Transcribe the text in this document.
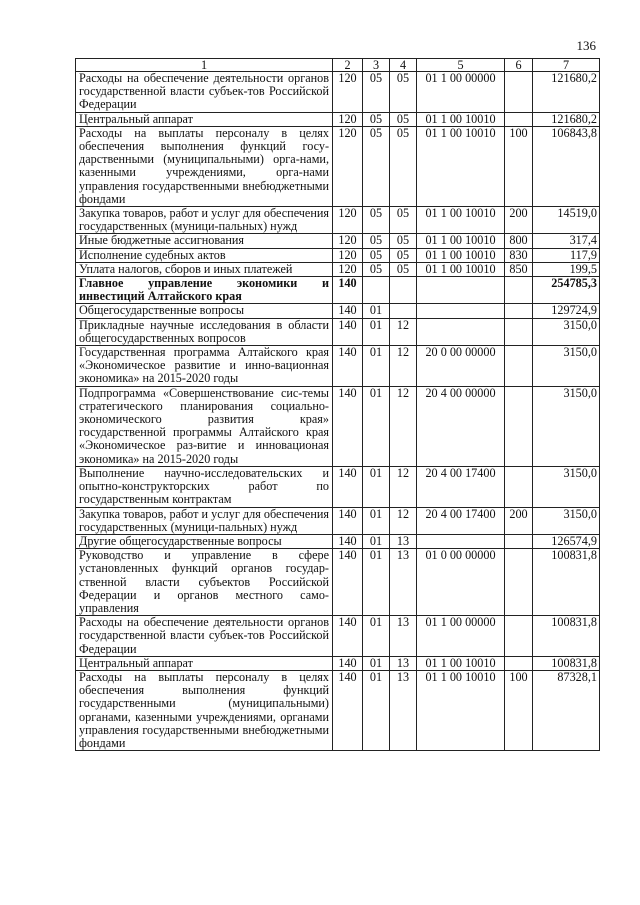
136
1	2	3	4	5	6	7
Расходы на обеспечение деятельности органов государственной власти субъек-тов Российской Федерации	120	05	05	01 1 00 00000		121680,2
Центральный аппарат	120	05	05	01 1 00 10010		121680,2
Расходы на выплаты персоналу в целях обеспечения выполнения функций госу-дарственными (муниципальными) орга-нами, казенными учреждениями, орга-нами управления государственными внебюджетными фондами	120	05	05	01 1 00 10010	100	106843,8
Закупка товаров, работ и услуг для обеспечения государственных (муници-пальных) нужд	120	05	05	01 1 00 10010	200	14519,0
Иные бюджетные ассигнования	120	05	05	01 1 00 10010	800	317,4
Исполнение судебных актов	120	05	05	01 1 00 10010	830	117,9
Уплата налогов, сборов и иных платежей	120	05	05	01 1 00 10010	850	199,5
Главное управление экономики и инвестиций Алтайского края	140					254785,3
Общегосударственные вопросы	140	01				129724,9
Прикладные научные исследования в области общегосударственных вопросов	140	01	12			3150,0
Государственная программа Алтайского края «Экономическое развитие и инно-вационная экономика» на 2015-2020 годы	140	01	12	20 0 00 00000		3150,0
Подпрограмма «Совершенствование сис-темы стратегического планирования социально-экономического развития края» государственной программы Алтайского края «Экономическое раз-витие и инновационая экономика» на 2015-2020 годы	140	01	12	20 4 00 00000		3150,0
Выполнение научно-исследовательских и опытно-конструкторских работ по государственным контрактам	140	01	12	20 4 00 17400		3150,0
Закупка товаров, работ и услуг для обеспечения государственных (муници-пальных) нужд	140	01	12	20 4 00 17400	200	3150,0
Другие общегосударственные вопросы	140	01	13			126574,9
Руководство и управление в сфере установленных функций органов государ-ственной власти субъектов Российской Федерации и органов местного само-управления	140	01	13	01 0 00 00000		100831,8
Расходы на обеспечение деятельности органов государственной власти субъек-тов Российской Федерации	140	01	13	01 1 00 00000		100831,8
Центральный аппарат	140	01	13	01 1 00 10010		100831,8
Расходы на выплаты персоналу в целях обеспечения выполнения функций государственными (муниципальными) органами, казенными учреждениями, органами управления государственными внебюджетными фондами	140	01	13	01 1 00 10010	100	87328,1
